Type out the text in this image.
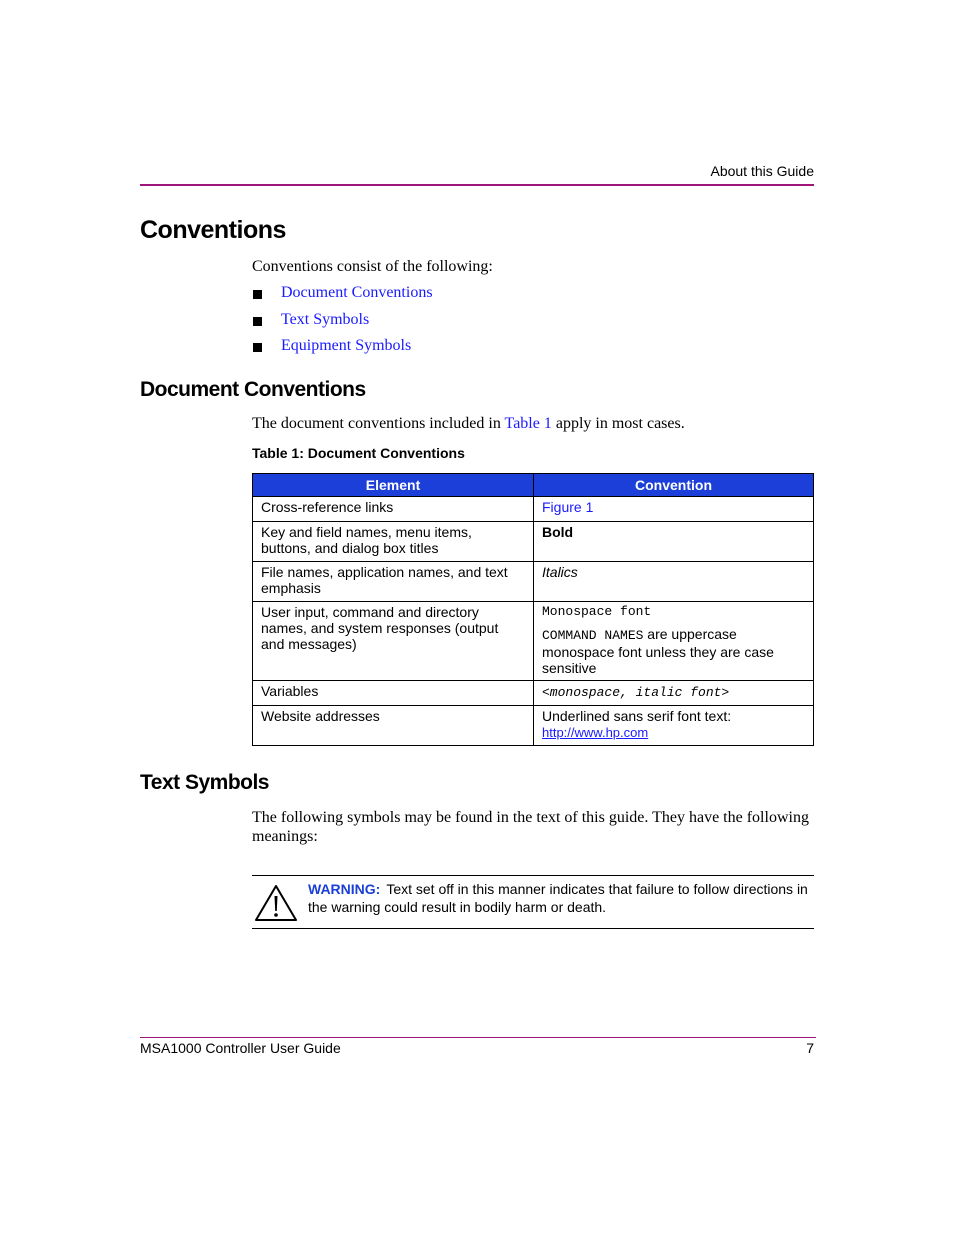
About this Guide
Conventions
Conventions consist of the following:
Document Conventions
Text Symbols
Equipment Symbols
Document Conventions
The document conventions included in Table 1 apply in most cases.
Table 1: Document Conventions
Element	Convention
Cross-reference links	Figure 1
Key and field names, menu items, buttons, and dialog box titles	Bold
File names, application names, and text emphasis	Italics
User input, command and directory names, and system responses (output and messages)	Monospace font
COMMAND NAMES are uppercase monospace font unless they are case sensitive
Variables	<monospace, italic font>
Website addresses	Underlined sans serif font text:
http://www.hp.com
Text Symbols
The following symbols may be found in the text of this guide. They have the following meanings:
WARNING: Text set off in this manner indicates that failure to follow directions in the warning could result in bodily harm or death.
MSA1000 Controller User Guide	7
